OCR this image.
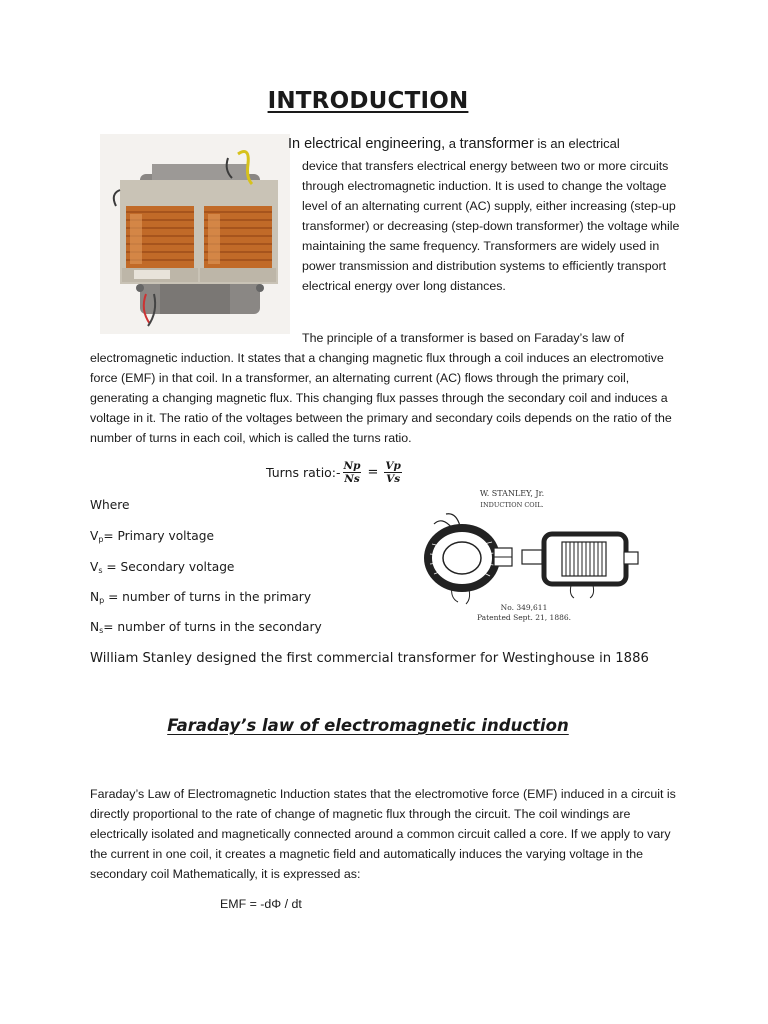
INTRODUCTION
In electrical engineering, a transformer is an electrical
device that transfers electrical energy between two or more circuits through electromagnetic induction. It is used to change the voltage level of an alternating current (AC) supply, either increasing (step-up transformer) or decreasing (step-down transformer) the voltage while maintaining the same frequency. Transformers are widely used in power transmission and distribution systems to efficiently transport electrical energy over long distances.
The principle of a transformer is based on Faraday’s law of electromagnetic induction. It states that a changing magnetic flux through a coil induces an electromotive force (EMF) in that coil. In a transformer, an alternating current (AC) flows through the primary coil, generating a changing magnetic flux. This changing flux passes through the secondary coil and induces a voltage in it. The ratio of the voltages between the primary and secondary coils depends on the ratio of the number of turns in each coil, which is called the turns ratio.
Turns ratio:- $\frac{Np}{Ns} = \frac{Vp}{Vs}$
Where
$V_p=$ Primary voltage
$V_s$ = Secondary voltage
$N_p$ = number of turns in the primary
$N_s=$ number of turns in the secondary
W. STANLEY, Jr.
INDUCTION COIL.
No. 349,611
Patented Sept. 21, 1886.
William Stanley designed the first commercial transformer for Westinghouse in 1886
Faraday’s law of electromagnetic induction
Faraday’s Law of Electromagnetic Induction states that the electromotive force (EMF) induced in a circuit is directly proportional to the rate of change of magnetic flux through the circuit. The coil windings are electrically isolated and magnetically connected around a common circuit called a core. If we apply to vary the current in one coil, it creates a magnetic field and automatically induces the varying voltage in the secondary coil Mathematically, it is expressed as:
EMF = -dΦ / dt
